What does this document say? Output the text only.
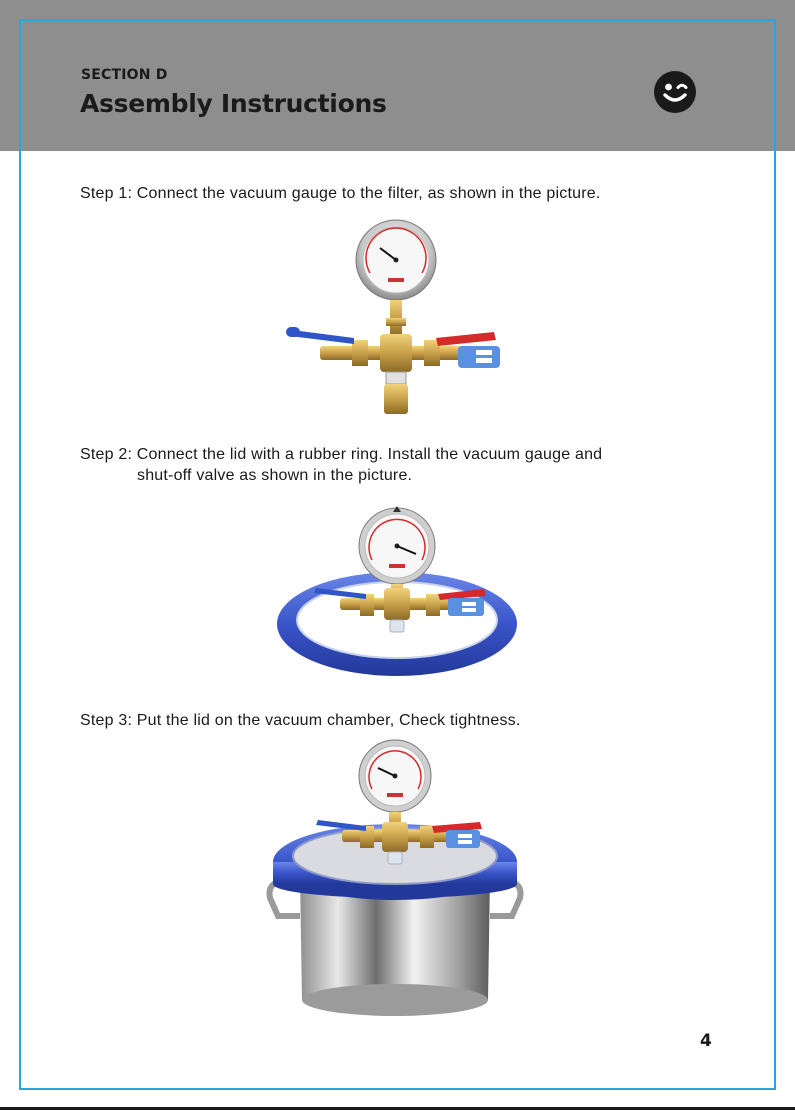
SECTION D
Assembly Instructions
Step 1: Connect the vacuum gauge to the filter, as shown in the picture.
Step 2: Connect the lid with a rubber ring. Install the vacuum gauge and
shut-off valve as shown in the picture.
Step 3: Put the lid on the vacuum chamber, Check tightness.
4
